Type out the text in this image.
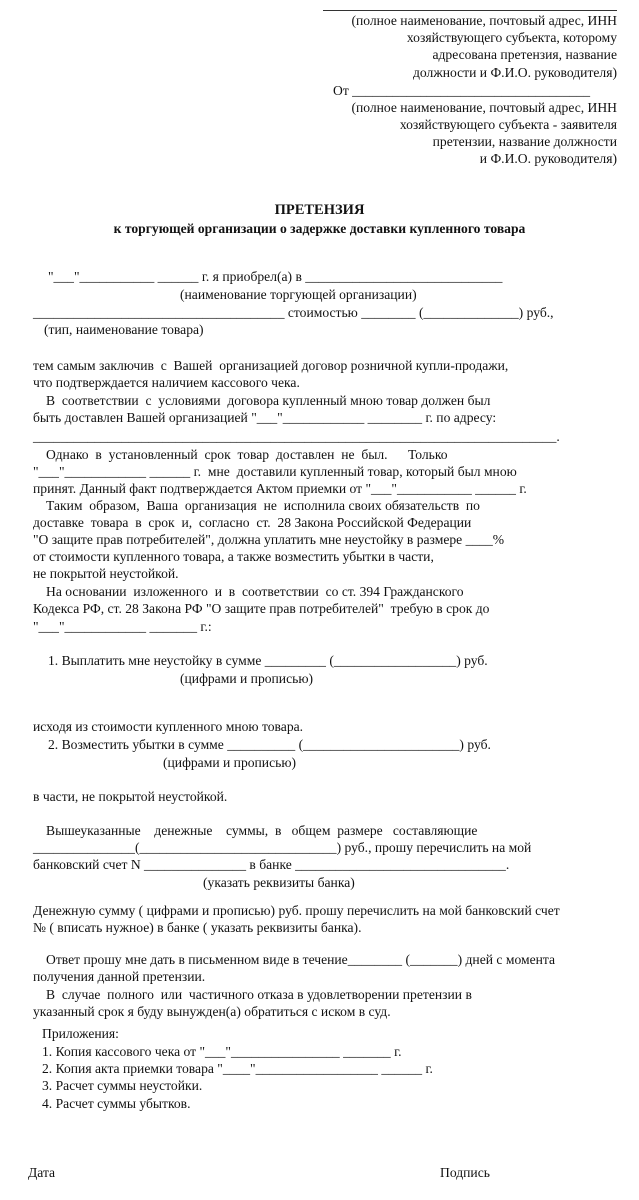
(полное наименование, почтовый адрес, ИНН
хозяйствующего субъекта, которому
адресована претензия, название
должности и Ф.И.О. руководителя)
От ___________________________________
(полное наименование, почтовый адрес, ИНН
хозяйствующего субъекта - заявителя
претензии, название должности
и Ф.И.О. руководителя)
ПРЕТЕНЗИЯ
к торгующей организации о задержке доставки купленного товара
"___"___________ ______ г. я приобрел(а) в _____________________________
(наименование торгующей организации)
_____________________________________ стоимостью ________ (______________) руб.,
(тип, наименование товара)
тем самым заключив  с  Вашей  организацией договор розничной купли-продажи,
что подтверждается наличием кассового чека.
В  соответствии  с  условиями  договора купленный мною товар должен был
быть доставлен Вашей организацией "___"____________ ________ г. по адресу:
_____________________________________________________________________________.
Однако  в  установленный  срок  товар  доставлен  не  был.      Только
"___"____________ ______ г.  мне  доставили купленный товар, который был мною
принят. Данный факт подтверждается Актом приемки от "___"___________ ______ г.
Таким  образом,  Ваша  организация  не  исполнила своих обязательств  по
доставке  товара  в  срок  и,  согласно  ст.  28 Закона Российской Федерации
"О защите прав потребителей", должна уплатить мне неустойку в размере ____%
от стоимости купленного товара, а также возместить убытки в части,
не покрытой неустойкой.
На основании  изложенного  и  в  соответствии  со ст. 394 Гражданского
Кодекса РФ, ст. 28 Закона РФ "О защите прав потребителей"  требую в срок до
"___"____________ _______ г.:
1. Выплатить мне неустойку в сумме _________ (__________________) руб.
(цифрами и прописью)
исходя из стоимости купленного мною товара.
2. Возместить убытки в сумме __________ (_______________________) руб.
(цифрами и прописью)
в части, не покрытой неустойкой.
Вышеуказанные    денежные    суммы,  в   общем  размере   составляющие
_______________(_____________________________) руб., прошу перечислить на мой
банковский счет N _______________ в банке _______________________________.
(указать реквизиты банка)
Денежную сумму ( цифрами и прописью) руб. прошу перечислить на мой банковский счет
№ ( вписать нужное) в банке ( указать реквизиты банка).
Ответ прошу мне дать в письменном виде в течение________ (_______) дней с момента
получения данной претензии.
В  случае  полного  или  частичного отказа в удовлетворении претензии в
указанный срок я буду вынужден(а) обратиться с иском в суд.
Приложения:
1. Копия кассового чека от "___"________________ _______ г.
2. Копия акта приемки товара "____"__________________ ______ г.
3. Расчет суммы неустойки.
4. Расчет суммы убытков.
Дата	Подпись
